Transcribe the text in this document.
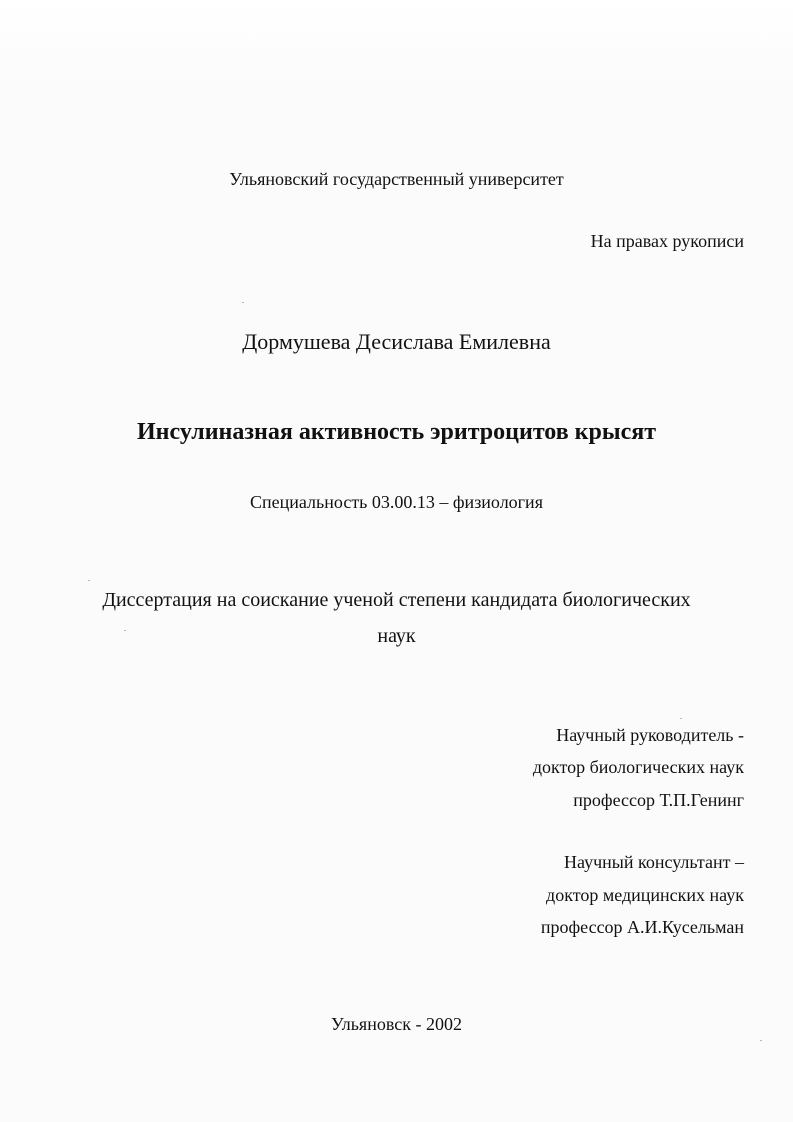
Ульяновский государственный университет
На правах рукописи
Дормушева Десислава Емилевна
Инсулиназная активность эритроцитов крысят
Специальность 03.00.13 – физиология
Диссертация на соискание ученой степени кандидата биологических
наук
Научный руководитель -
доктор биологических наук
профессор Т.П.Генинг
Научный консультант –
доктор медицинских наук
профессор А.И.Кусельман
Ульяновск - 2002
